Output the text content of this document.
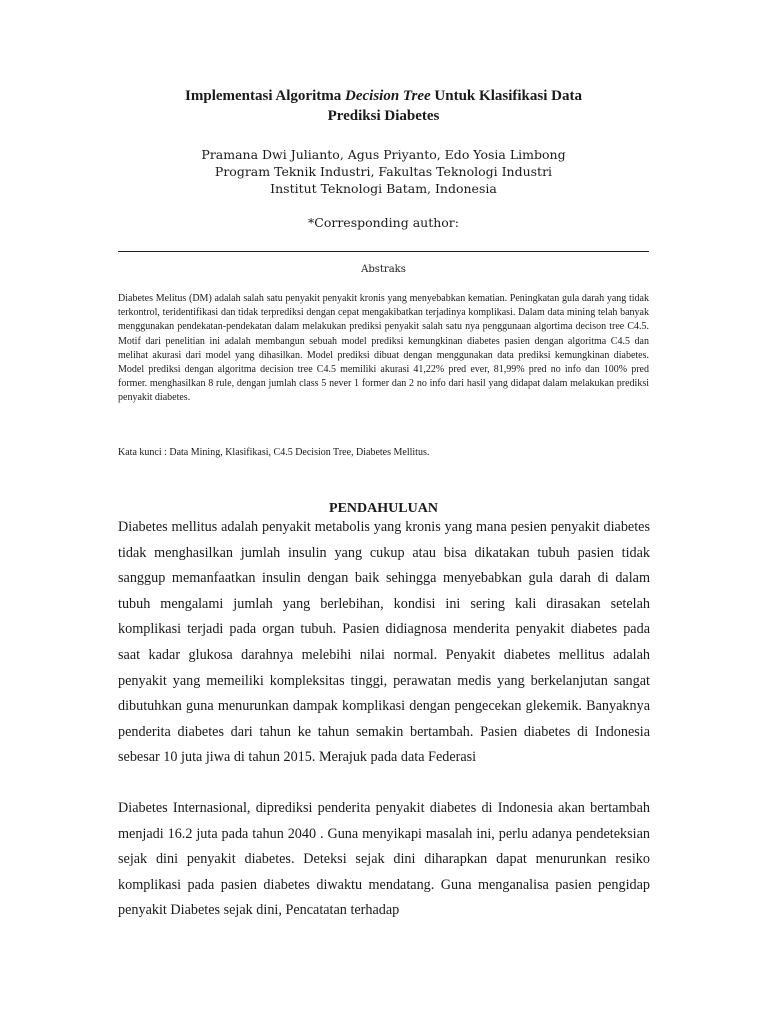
Implementasi Algoritma Decision Tree Untuk Klasifikasi Data
Prediksi Diabetes
Pramana Dwi Julianto, Agus Priyanto, Edo Yosia Limbong
Program Teknik Industri, Fakultas Teknologi Industri
Institut Teknologi Batam, Indonesia
*Corresponding author:
Abstraks

Diabetes Melitus (DM) adalah salah satu penyakit penyakit kronis yang menyebabkan kematian. Peningkatan gula darah yang tidak terkontrol, teridentifikasi dan tidak terprediksi dengan cepat mengakibatkan terjadinya komplikasi. Dalam data mining telah banyak menggunakan pendekatan-pendekatan dalam melakukan prediksi penyakit salah satu nya penggunaan algortima decison tree C4.5. Motif dari penelitian ini adalah membangun sebuah model prediksi kemungkinan diabetes pasien dengan algoritma C4.5 dan melihat akurasi dari model yang dihasilkan. Model prediksi dibuat dengan menggunakan data prediksi kemungkinan diabetes. Model prediksi dengan algoritma decision tree C4.5 memiliki akurasi 41,22% pred ever, 81,99% pred no info dan 100% pred former. menghasilkan 8 rule, dengan jumlah class 5 never 1 former dan 2 no info dari hasil yang didapat dalam melakukan prediksi penyakit diabetes.

Kata kunci : Data Mining, Klasifikasi, C4.5 Decision Tree, Diabetes Mellitus.

PENDAHULUAN

Diabetes mellitus adalah penyakit metabolis yang kronis yang mana pesien penyakit diabetes tidak menghasilkan jumlah insulin yang cukup atau bisa dikatakan tubuh pasien tidak sanggup memanfaatkan insulin dengan baik sehingga menyebabkan gula darah di dalam tubuh mengalami jumlah yang berlebihan, kondisi ini sering kali dirasakan setelah komplikasi terjadi pada organ tubuh. Pasien didiagnosa menderita penyakit diabetes pada saat kadar glukosa darahnya melebihi nilai normal. Penyakit diabetes mellitus adalah penyakit yang memeiliki kompleksitas tinggi, perawatan medis yang berkelanjutan sangat dibutuhkan guna menurunkan dampak komplikasi dengan pengecekan glekemik. Banyaknya penderita diabetes dari tahun ke tahun semakin bertambah. Pasien diabetes di Indonesia sebesar 10 juta jiwa di tahun 2015. Merajuk pada data Federasi

Diabetes Internasional, diprediksi penderita penyakit diabetes di Indonesia akan bertambah menjadi 16.2 juta pada tahun 2040 . Guna menyikapi masalah ini, perlu adanya pendeteksian sejak dini penyakit diabetes. Deteksi sejak dini diharapkan dapat menurunkan resiko komplikasi pada pasien diabetes diwaktu mendatang. Guna menganalisa pasien pengidap penyakit Diabetes sejak dini, Pencatatan terhadap
